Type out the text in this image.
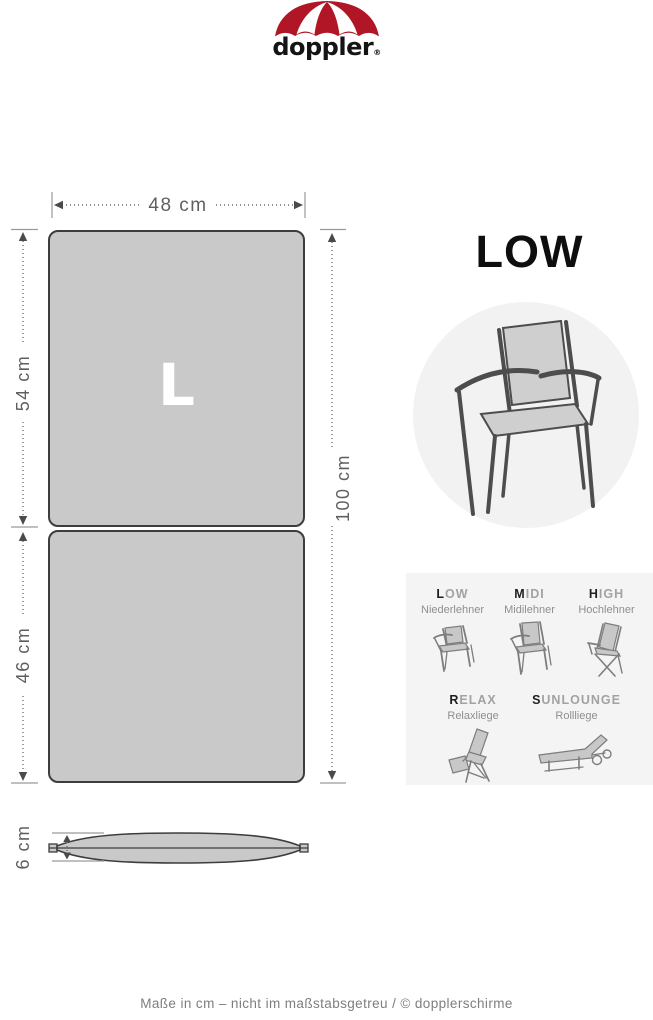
doppler®
L
48 cm
54 cm
46 cm
100 cm
6 cm
LOW
LOW
Niederlehner
MIDI
Midilehner
HIGH
Hochlehner
RELAX
Relaxliege
SUNLOUNGE
Rollliege
Maße in cm – nicht im maßstabsgetreu / © dopplerschirme
